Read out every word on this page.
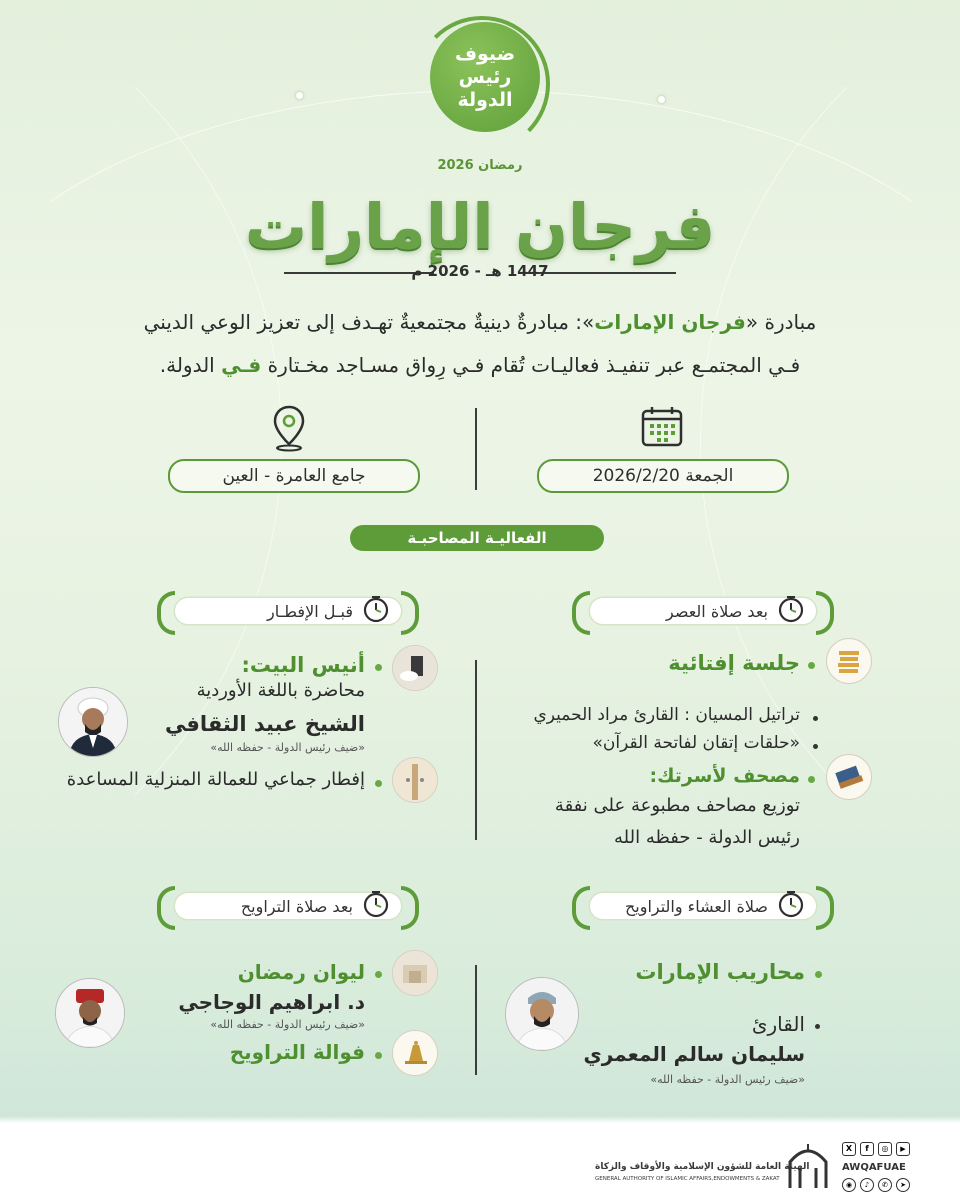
ضيوف
رئيس
الدولة
رمضان 2026
فرجان الإمارات
1447 هـ - 2026 م
مبادرة «فرجان الإمارات»: مبادرةٌ دينيةٌ مجتمعيةٌ تهـدف إلى تعزيز الوعي الديني
فـي المجتمـع عبر تنفيـذ فعاليـات تُقام فـي رِواق مسـاجد مخـتارة فـي الدولة.
الجمعة 2026/2/20
جامع العامرة - العين
الفعاليـة المصاحبـة
بعد صلاة العصر
جلسة إفتائية
تراتيل المسيان : القارئ مراد الحميري
«حلقات إتقان لفاتحة القرآن»
مصحف لأسرتك:
توزيع مصاحف مطبوعة على نفقة
رئيس الدولة - حفظه الله
قبـل الإفطـار
أنيس البيت:
محاضرة باللغة الأوردية
الشيخ عبيد الثقافي
«ضيف رئيس الدولة - حفظه الله»
إفطار جماعي للعمالة المنزلية المساعدة
صلاة العشاء والتراويح
محاريب الإمارات
القارئ
سليمان سالم المعمري
«ضيف رئيس الدولة - حفظه الله»
بعد صلاة التراويح
ليوان رمضان
د. ابراهيم الوجاجي
«ضيف رئيس الدولة - حفظه الله»
فوالة التراويح
الهيئة العامة للشؤون الإسلامية والأوقاف والزكاة
GENERAL AUTHORITY OF ISLAMIC AFFAIRS,ENDOWMENTS & ZAKAT
X	f	◎	▶
AWQAFUAE
◉	♪	✆	➤
